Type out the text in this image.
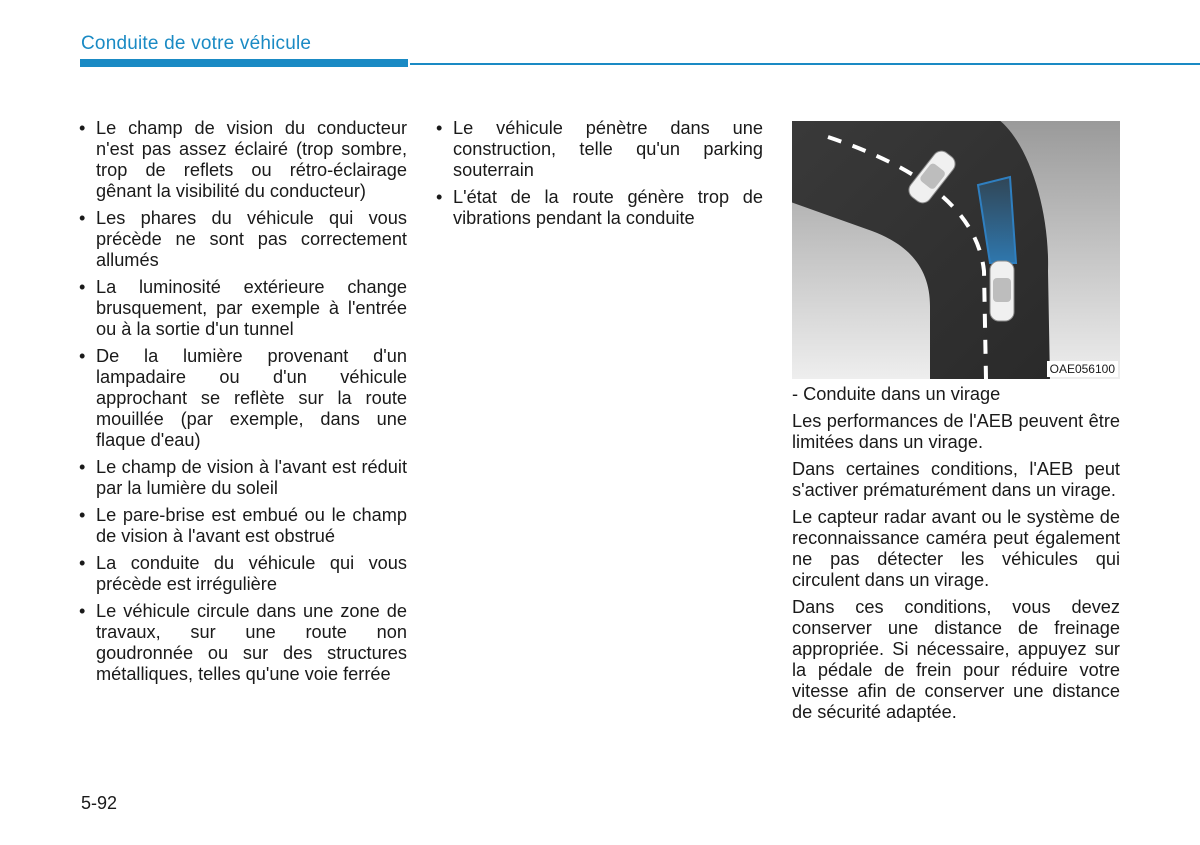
Conduite de votre véhicule
• Le champ de vision du conducteur n'est pas assez éclairé (trop sombre, trop de reflets ou rétro-éclairage gênant la visibilité du conducteur)
• Les phares du véhicule qui vous précède ne sont pas correctement allumés
• La luminosité extérieure change brusquement, par exemple à l'entrée ou à la sortie d'un tunnel
• De la lumière provenant d'un lampadaire ou d'un véhicule approchant se reflète sur la route mouillée (par exemple, dans une flaque d'eau)
• Le champ de vision à l'avant est réduit par la lumière du soleil
• Le pare-brise est embué ou le champ de vision à l'avant est obstrué
• La conduite du véhicule qui vous précède est irrégulière
• Le véhicule circule dans une zone de travaux, sur une route non goudronnée ou sur des structures métalliques, telles qu'une voie ferrée
• Le véhicule pénètre dans une construction, telle qu'un parking souterrain
• L'état de la route génère trop de vibrations pendant la conduite
OAE056100

- Conduite dans un virage

Les performances de l'AEB peuvent être limitées dans un virage.

Dans certaines conditions, l'AEB peut s'activer prématurément dans un virage.

Le capteur radar avant ou le système de reconnaissance caméra peut également ne pas détecter les véhicules qui circulent dans un virage.

Dans ces conditions, vous devez conserver une distance de freinage appropriée. Si nécessaire, appuyez sur la pédale de frein pour réduire votre vitesse afin de conserver une distance de sécurité adaptée.

5-92
